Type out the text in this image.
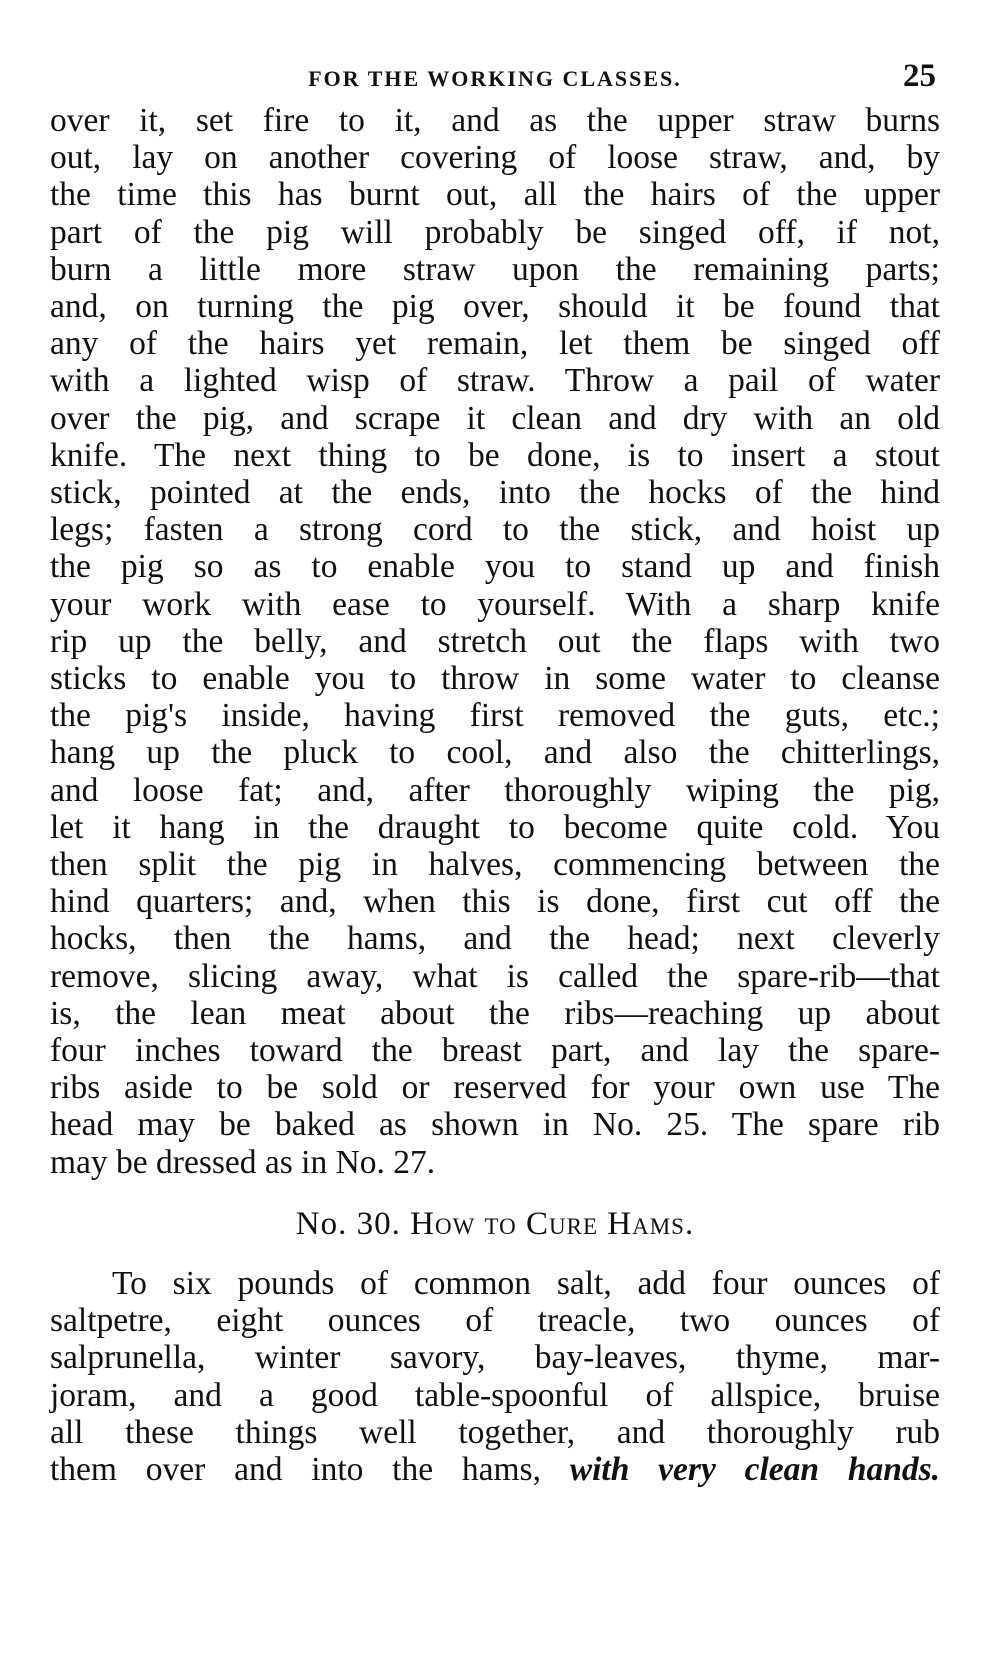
FOR THE WORKING CLASSES.	25
over it, set fire to it, and as the upper straw burns
out, lay on another covering of loose straw, and, by
the time this has burnt out, all the hairs of the upper
part of the pig will probably be singed off, if not,
burn a little more straw upon the remaining parts;
and, on turning the pig over, should it be found that
any of the hairs yet remain, let them be singed off
with a lighted wisp of straw. Throw a pail of water
over the pig, and scrape it clean and dry with an old
knife. The next thing to be done, is to insert a stout
stick, pointed at the ends, into the hocks of the hind
legs; fasten a strong cord to the stick, and hoist up
the pig so as to enable you to stand up and finish
your work with ease to yourself. With a sharp knife
rip up the belly, and stretch out the flaps with two
sticks to enable you to throw in some water to cleanse
the pig's inside, having first removed the guts, etc.;
hang up the pluck to cool, and also the chitterlings,
and loose fat; and, after thoroughly wiping the pig,
let it hang in the draught to become quite cold. You
then split the pig in halves, commencing between the
hind quarters; and, when this is done, first cut off the
hocks, then the hams, and the head; next cleverly
remove, slicing away, what is called the spare-rib—that
is, the lean meat about the ribs—reaching up about
four inches toward the breast part, and lay the spare-
ribs aside to be sold or reserved for your own use The
head may be baked as shown in No. 25. The spare rib
may be dressed as in No. 27.
No. 30. How to Cure Hams.
To six pounds of common salt, add four ounces of
saltpetre, eight ounces of treacle, two ounces of
salprunella, winter savory, bay-leaves, thyme, mar-
joram, and a good table-spoonful of allspice, bruise
all these things well together, and thoroughly rub
them over and into the hams, with very clean hands.
